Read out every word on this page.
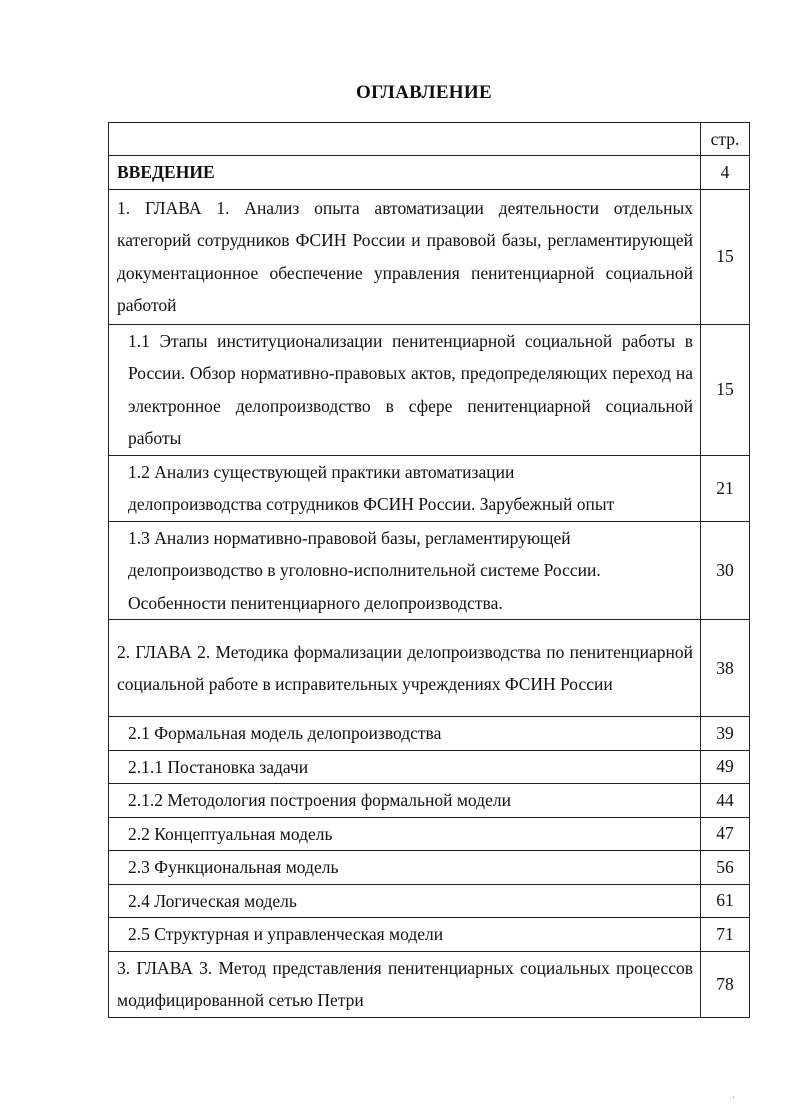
ОГЛАВЛЕНИЕ
	стр.
ВВЕДЕНИЕ	4
1. ГЛАВА 1. Анализ опыта автоматизации деятельности отдельных категорий сотрудников ФСИН России и правовой базы, регламентирующей документационное обеспечение управления пенитенциарной социальной работой	15
1.1 Этапы институционализации пенитенциарной социальной работы в России. Обзор нормативно-правовых актов, предопределяющих переход на электронное делопроизводство в сфере пенитенциарной социальной работы	15

1.2 Анализ существующей практики автоматизации
делопроизводства сотрудников ФСИН России. Зарубежный опыт	21

1.3 Анализ нормативно-правовой базы, регламентирующей
делопроизводство в уголовно-исполнительной системе России.
Особенности пенитенциарного делопроизводства.	30
2. ГЛАВА 2. Методика формализации делопроизводства по пенитенциарной социальной работе в исправительных учреждениях ФСИН России	38
2.1 Формальная модель делопроизводства	39
2.1.1 Постановка задачи	49
2.1.2 Методология построения формальной модели	44
2.2 Концептуальная модель	47
2.3 Функциональная модель	56
2.4 Логическая модель	61
2.5 Структурная и управленческая модели	71
3. ГЛАВА 3. Метод представления пенитенциарных социальных процессов модифицированной сетью Петри	78
